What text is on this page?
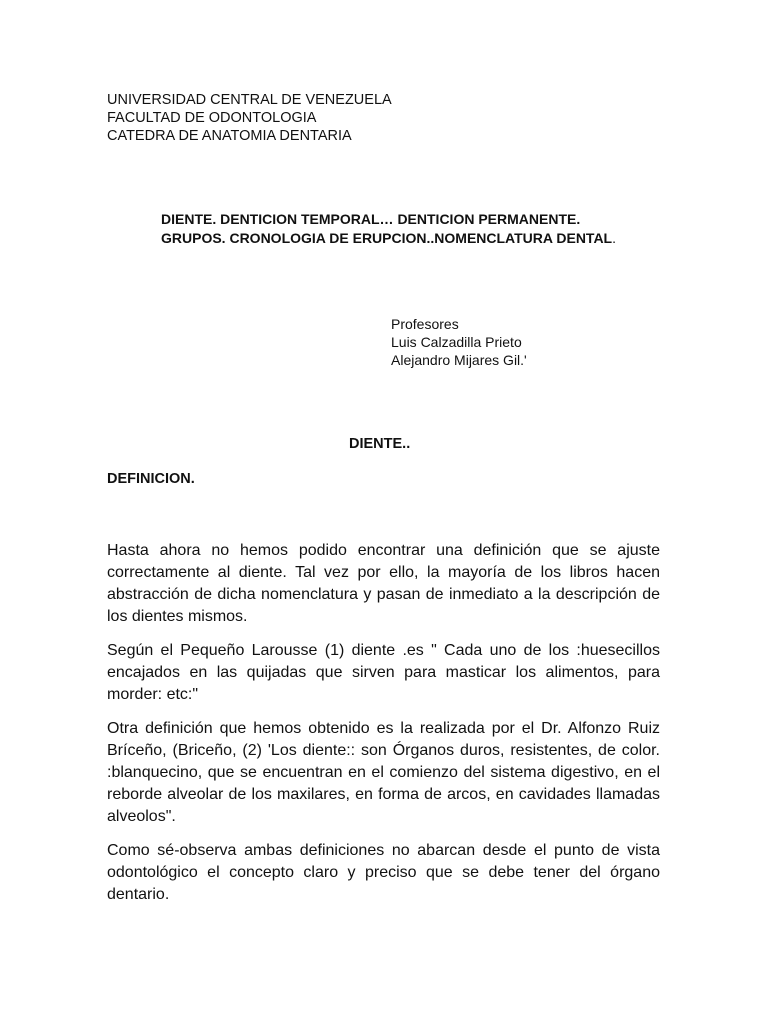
UNIVERSIDAD CENTRAL DE VENEZUELA
FACULTAD DE ODONTOLOGIA
CATEDRA DE ANATOMIA DENTARIA
DIENTE. DENTICION TEMPORAL… DENTICION PERMANENTE.
GRUPOS. CRONOLOGIA DE ERUPCION..NOMENCLATURA DENTAL.
Profesores
Luis Calzadilla Prieto
Alejandro Mijares Gil.'
DIENTE..
DEFINICION.

Hasta ahora no hemos podido encontrar una definición que se ajuste correctamente al diente. Tal vez por ello, la mayoría de los libros hacen abstracción de dicha nomenclatura y pasan de inmediato a la descripción de los dientes mismos.

Según el Pequeño Larousse (1) diente .es " Cada uno de los :huesecillos encajados en las quijadas que sirven para masticar los alimentos, para morder: etc:"

Otra definición que hemos obtenido es la realizada por el Dr. Alfonzo Ruiz Bríceño, (Briceño, (2) 'Los diente:: son Órganos duros, resistentes, de color. :blanquecino, que se encuentran en el comienzo del sistema digestivo, en el reborde alveolar de los maxilares, en forma de arcos, en cavidades llamadas alveolos".

Como sé-observa ambas definiciones no abarcan desde el punto de vista odontológico el concepto claro y preciso que se debe tener del órgano dentario.
